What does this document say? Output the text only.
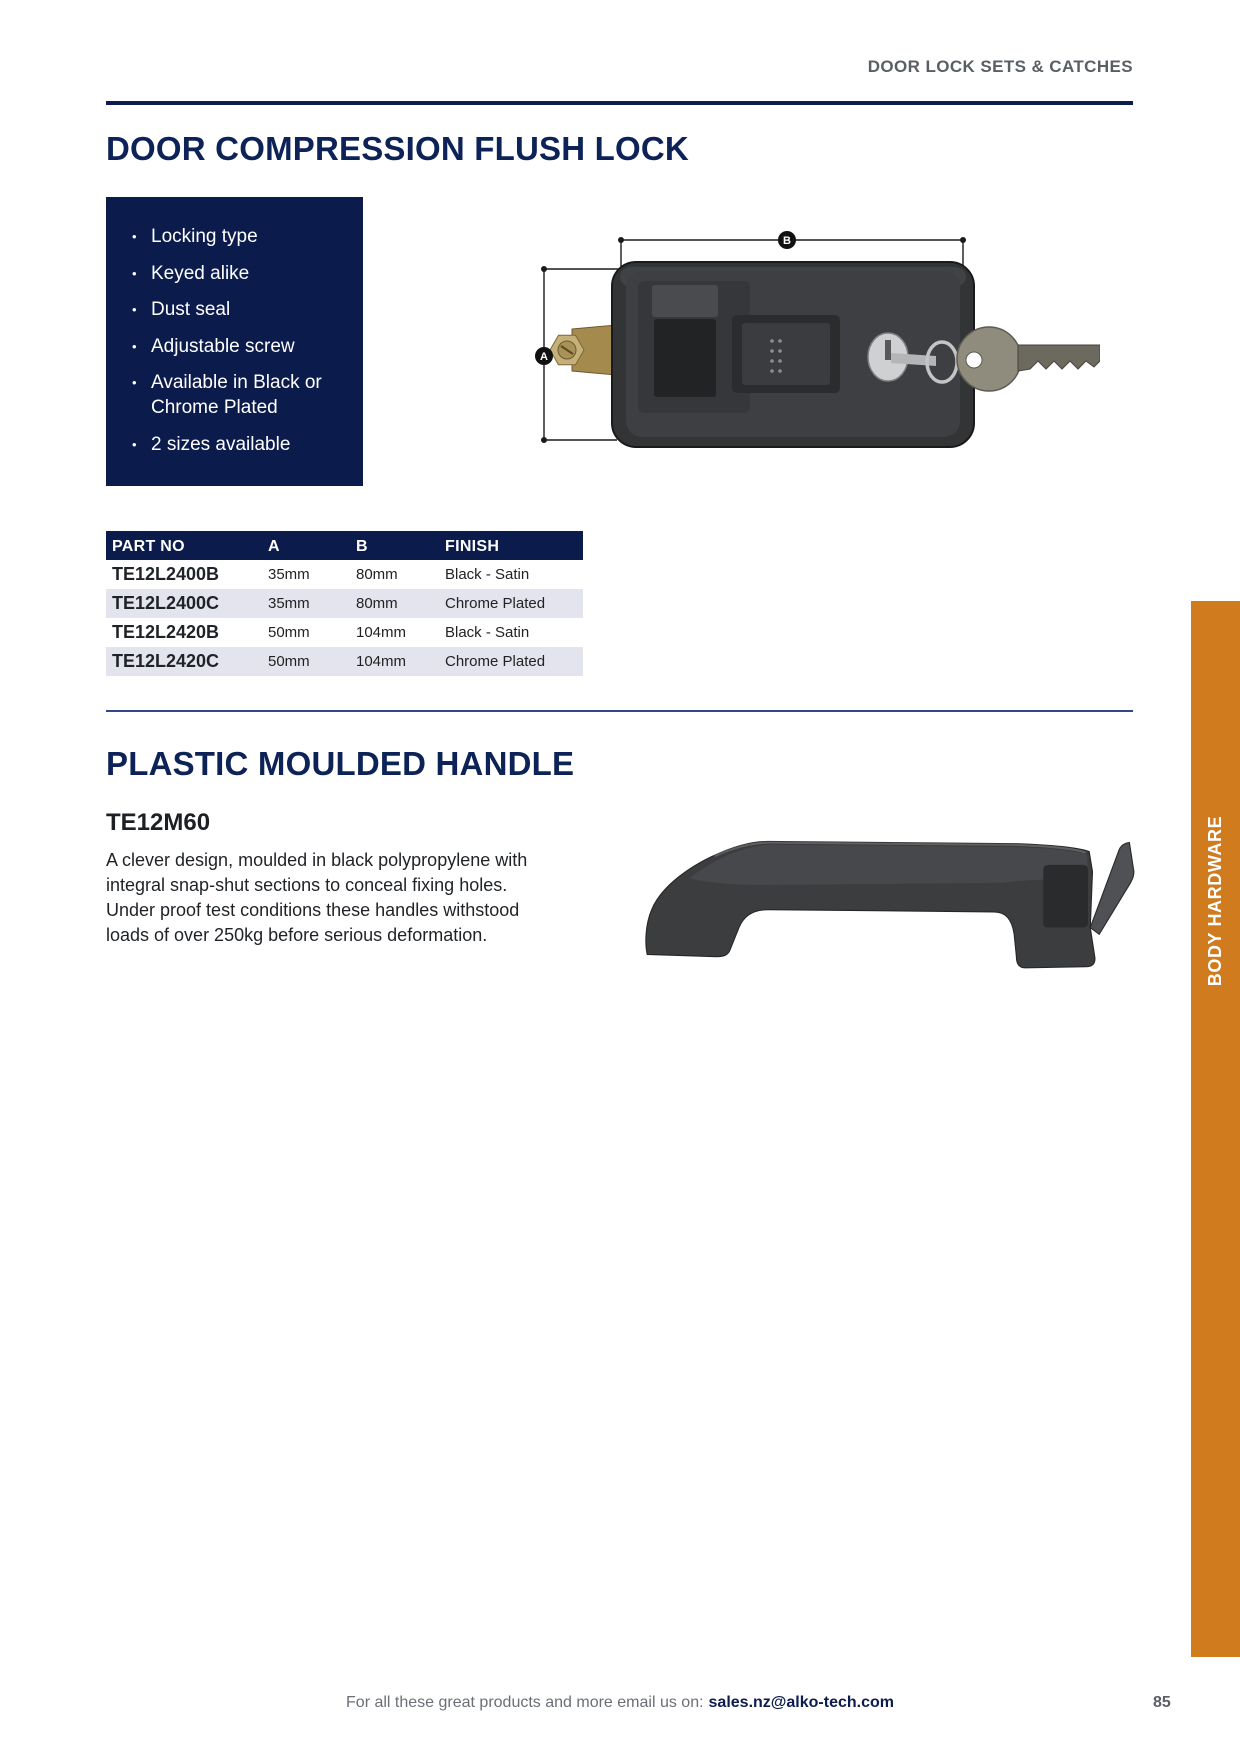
DOOR LOCK SETS & CATCHES
DOOR COMPRESSION FLUSH LOCK
• Locking type
• Keyed alike
• Dust seal
• Adjustable screw
• Available in Black or Chrome Plated
• 2 sizes available
B
A
PART NO	A	B	FINISH
TE12L2400B	35mm	80mm	Black - Satin
TE12L2400C	35mm	80mm	Chrome Plated
TE12L2420B	50mm	104mm	Black - Satin
TE12L2420C	50mm	104mm	Chrome Plated
PLASTIC MOULDED HANDLE
TE12M60
A clever design, moulded in black polypropylene with
integral snap-shut sections to conceal fixing holes.
Under proof test conditions these handles withstood
loads of over 250kg before serious deformation.	BODY HARDWARE
For all these great products and more email us on: sales.nz@alko-tech.com	85
